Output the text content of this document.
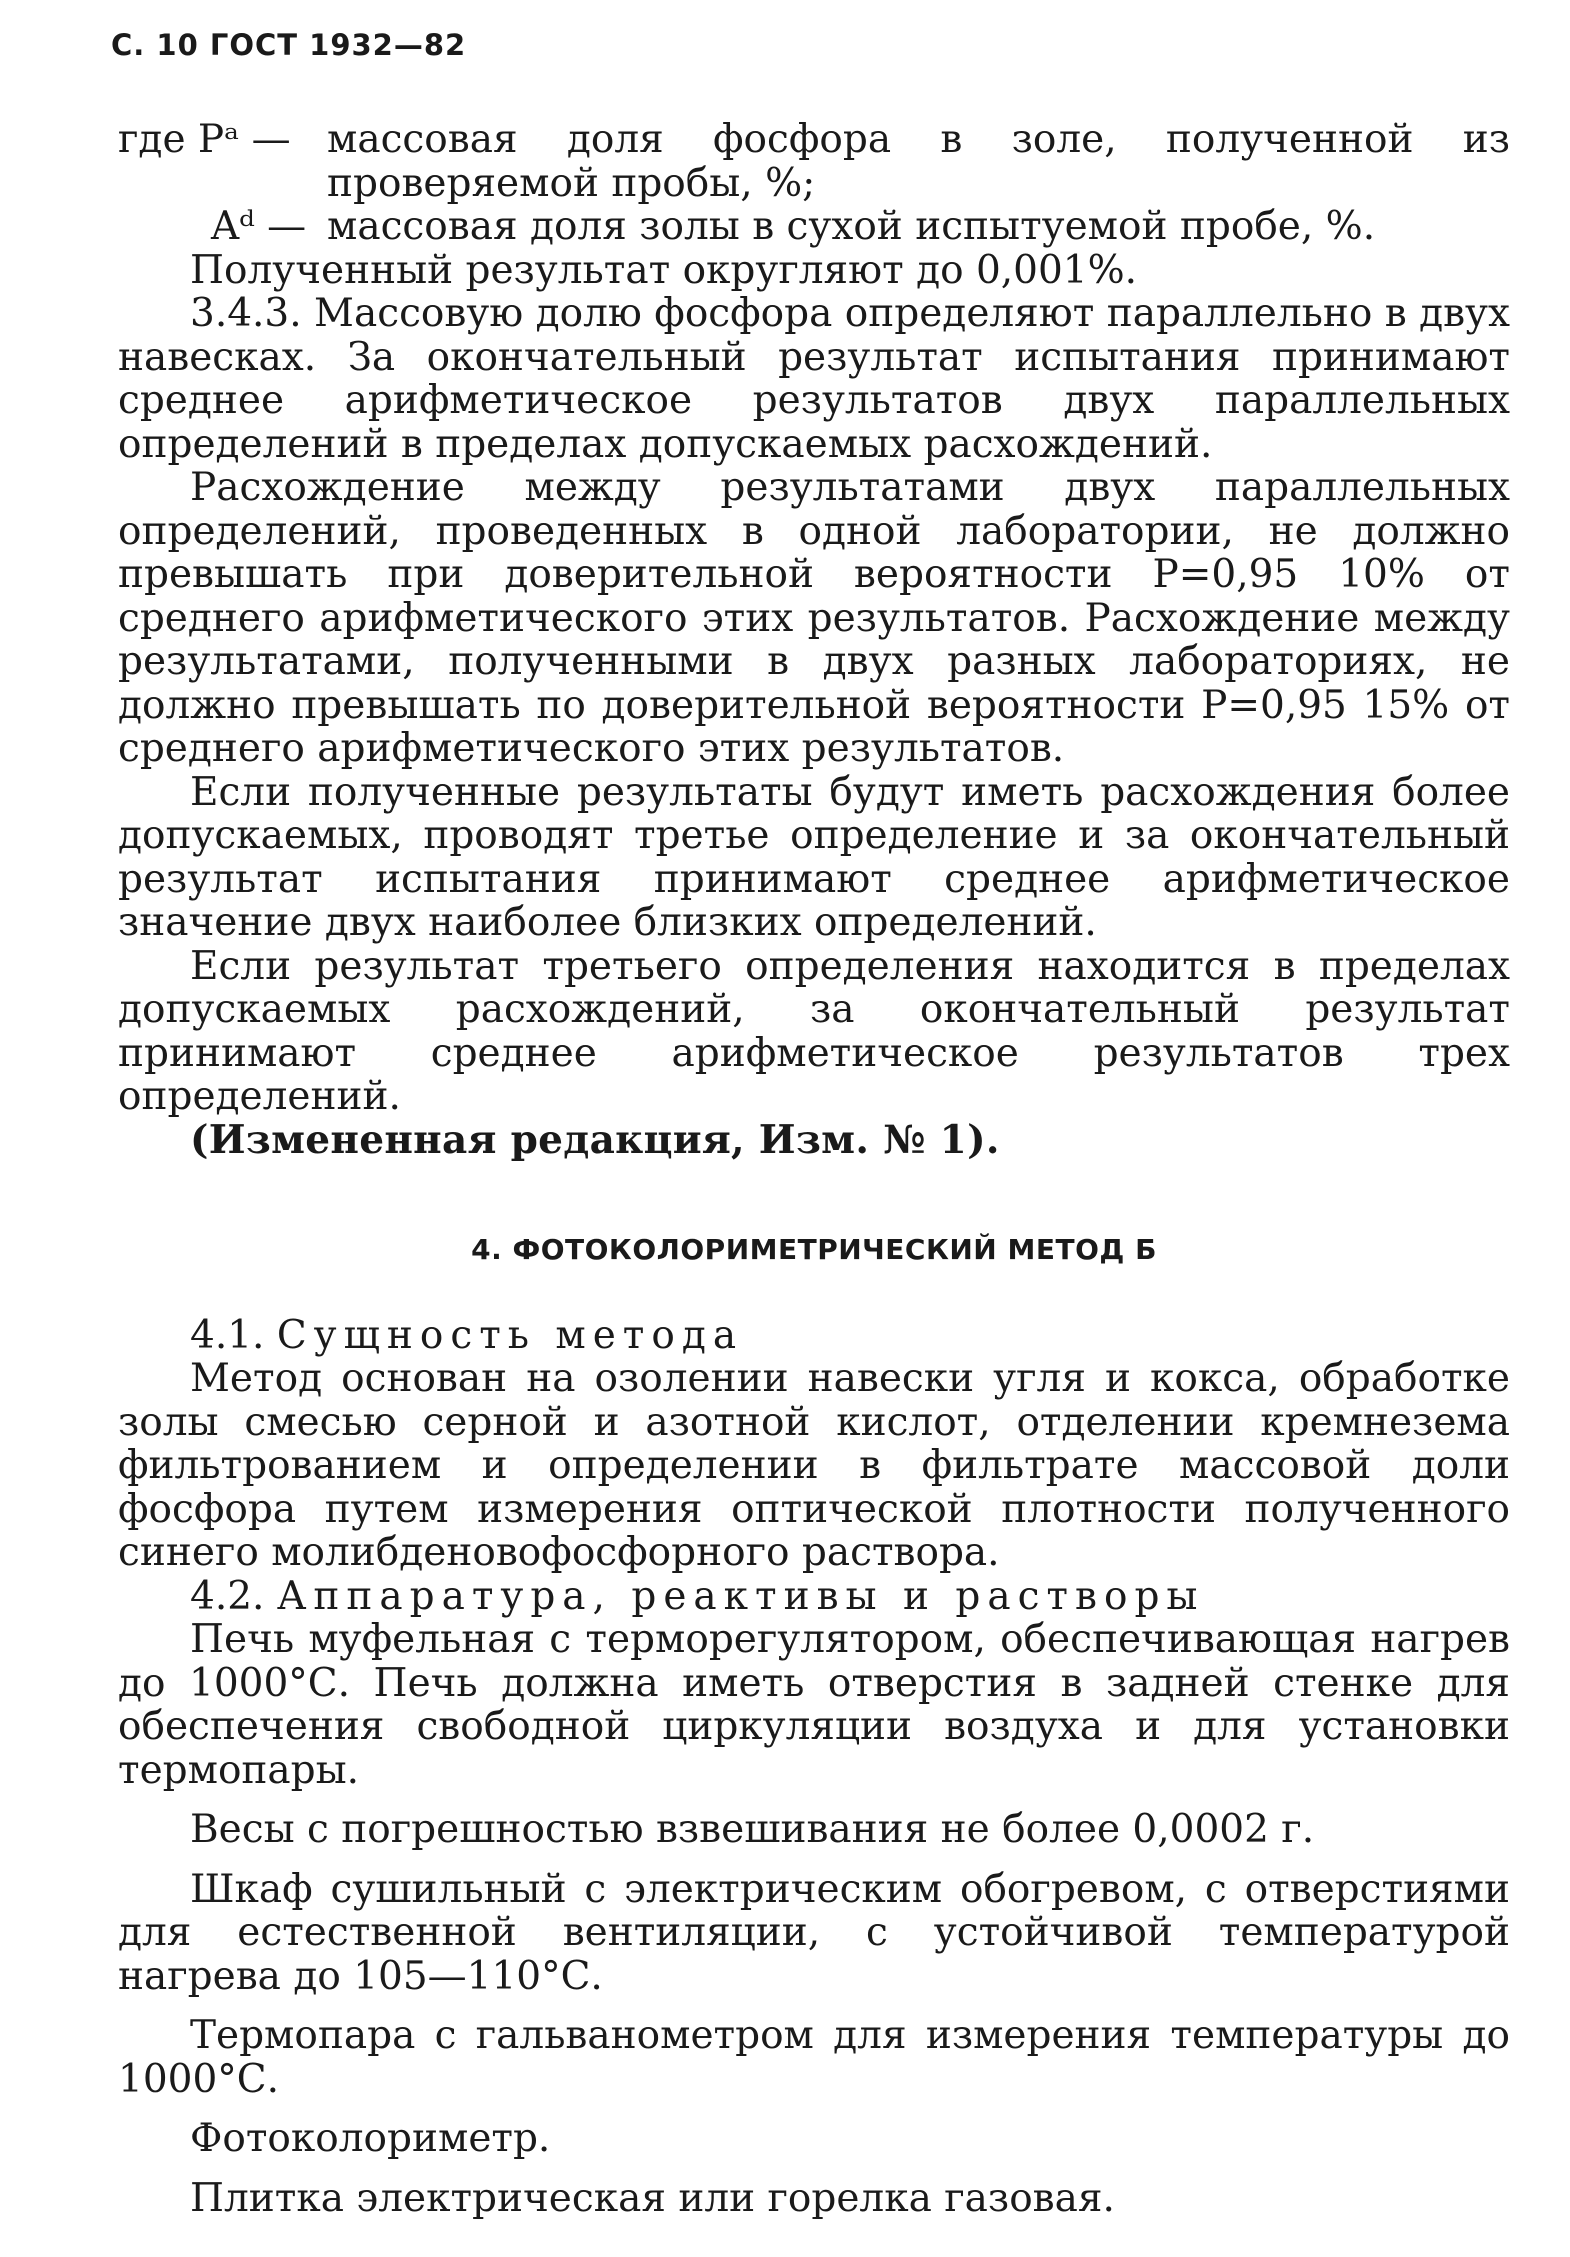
С. 10 ГОСТ 1932—82
где Pᵃ — массовая доля фосфора в золе, полученной из проверяемой пробы, %;
Aᵈ — массовая доля золы в сухой испытуемой пробе, %.

Полученный результат округляют до 0,001%.

3.4.3. Массовую долю фосфора определяют параллельно в двух навесках. За окончательный результат испытания принимают среднее арифметическое результатов двух параллельных определений в пределах допускаемых расхождений.

Расхождение между результатами двух параллельных определений, проведенных в одной лаборатории, не должно превышать при доверительной вероятности P=0,95 10% от среднего арифметического этих результатов. Расхождение между результатами, полученными в двух разных лабораториях, не должно превышать по доверительной вероятности P=0,95 15% от среднего арифметического этих результатов.

Если полученные результаты будут иметь расхождения более допускаемых, проводят третье определение и за окончательный результат испытания принимают среднее арифметическое значение двух наиболее близких определений.

Если результат третьего определения находится в пределах допускаемых расхождений, за окончательный результат принимают среднее арифметическое результатов трех определений.

(Измененная редакция, Изм. № 1).

4. ФОТОКОЛОРИМЕТРИЧЕСКИЙ МЕТОД Б

4.1. Сущность метода

Метод основан на озолении навески угля и кокса, обработке золы смесью серной и азотной кислот, отделении кремнезема фильтрованием и определении в фильтрате массовой доли фосфора путем измерения оптической плотности полученного синего молибденовофосфорного раствора.

4.2. Аппаратура, реактивы и растворы

Печь муфельная с терморегулятором, обеспечивающая нагрев до 1000°С. Печь должна иметь отверстия в задней стенке для обеспечения свободной циркуляции воздуха и для установки термопары.

Весы с погрешностью взвешивания не более 0,0002 г.

Шкаф сушильный с электрическим обогревом, с отверстиями для естественной вентиляции, с устойчивой температурой нагрева до 105—110°С.

Термопара с гальванометром для измерения температуры до 1000°С.

Фотоколориметр.

Плитка электрическая или горелка газовая.
